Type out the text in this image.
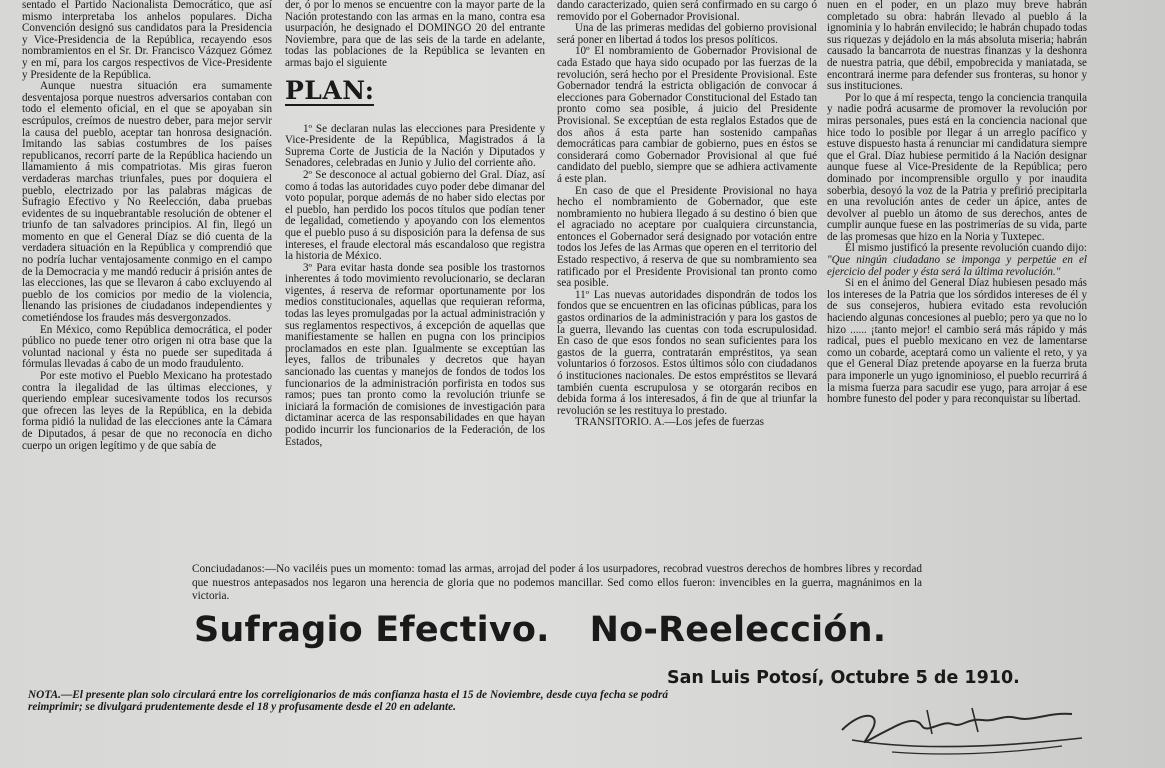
sentado el Partido Nacionalista Democrático, que así mismo interpretaba los anhelos populares. Dicha Convención designó sus candidatos para la Presidencia y Vice-Presidencia de la República, recayendo esos nombramientos en el Sr. Dr. Francisco Vázquez Gómez y en mí, para los cargos respectivos de Vice-Presidente y Presidente de la República.

Aunque nuestra situación era sumamente desventajosa porque nuestros adversarios contaban con todo el elemento oficial, en el que se apoyaban sin escrúpulos, creímos de nuestro deber, para mejor servir la causa del pueblo, aceptar tan honrosa designación. Imitando las sabias costumbres de los países republicanos, recorrí parte de la República haciendo un llamamiento á mis compatriotas. Mis giras fueron verdaderas marchas triunfales, pues por doquiera el pueblo, electrizado por las palabras mágicas de Sufragio Efectivo y No Reelección, daba pruebas evidentes de su inquebrantable resolución de obtener el triunfo de tan salvadores principios. Al fin, llegó un momento en que el General Díaz se dió cuenta de la verdadera situación en la República y comprendió que no podría luchar ventajosamente conmigo en el campo de la Democracia y me mandó reducir á prisión antes de las elecciones, las que se llevaron á cabo excluyendo al pueblo de los comicios por medio de la violencia, llenando las prisiones de ciudadanos independientes y cometiéndose los fraudes más desvergonzados.

En México, como República democrática, el poder público no puede tener otro origen ni otra base que la voluntad nacional y ésta no puede ser supeditada á fórmulas llevadas á cabo de un modo fraudulento.

Por este motivo el Pueblo Mexicano ha protestado contra la ilegalidad de las últimas elecciones, y queriendo emplear sucesivamente todos los recursos que ofrecen las leyes de la República, en la debida forma pidió la nulidad de las elecciones ante la Cámara de Diputados, á pesar de que no reconocía en dicho cuerpo un origen legítimo y de que sabía de

der, ó por lo menos se encuentre con la mayor parte de la Nación protestando con las armas en la mano, contra esa usurpación, he designado el DOMINGO 20 del entrante Noviembre, para que de las seis de la tarde en adelante, todas las poblaciones de la República se levanten en armas bajo el siguiente

PLAN:

1º Se declaran nulas las elecciones para Presidente y Vice-Presidente de la República, Magistrados á la Suprema Corte de Justicia de la Nación y Diputados y Senadores, celebradas en Junio y Julio del corriente año.

2º Se desconoce al actual gobierno del Gral. Díaz, así como á todas las autoridades cuyo poder debe dimanar del voto popular, porque además de no haber sido electas por el pueblo, han perdido los pocos títulos que podían tener de legalidad, cometiendo y apoyando con los elementos que el pueblo puso á su disposición para la defensa de sus intereses, el fraude electoral más escandaloso que registra la historia de México.

3º Para evitar hasta donde sea posible los trastornos inherentes á todo movimiento revolucionario, se declaran vigentes, á reserva de reformar oportunamente por los medios constitucionales, aquellas que requieran reforma, todas las leyes promulgadas por la actual administración y sus reglamentos respectivos, á excepción de aquellas que manifiestamente se hallen en pugna con los principios proclamados en este plan. Igualmente se exceptúan las leyes, fallos de tribunales y decretos que hayan sancionado las cuentas y manejos de fondos de todos los funcionarios de la administración porfirista en todos sus ramos; pues tan pronto como la revolución triunfe se iniciará la formación de comisiones de investigación para dictaminar acerca de las responsabilidades en que hayan podido incurrir los funcionarios de la Federación, de los Estados,

dando caracterizado, quien será confirmado en su cargo ó removido por el Gobernador Provisional.

Una de las primeras medidas del gobierno provisional será poner en libertad á todos los presos políticos.

10º El nombramiento de Gobernador Provisional de cada Estado que haya sido ocupado por las fuerzas de la revolución, será hecho por el Presidente Provisional. Este Gobernador tendrá la estricta obligación de convocar á elecciones para Gobernador Constitucional del Estado tan pronto como sea posible, á juicio del Presidente Provisional. Se exceptúan de esta reglalos Estados que de dos años á esta parte han sostenido campañas democráticas para cambiar de gobierno, pues en éstos se considerará como Gobernador Provisional al que fué candidato del pueblo, siempre que se adhiera activamente á este plan.

En caso de que el Presidente Provisional no haya hecho el nombramiento de Gobernador, que este nombramiento no hubiera llegado á su destino ó bien que el agraciado no aceptare por cualquiera circunstancia, entonces el Gobernador será designado por votación entre todos los Jefes de las Armas que operen en el territorio del Estado respectivo, á reserva de que su nombramiento sea ratificado por el Presidente Provisional tan pronto como sea posible.

11º Las nuevas autoridades dispondrán de todos los fondos que se encuentren en las oficinas públicas, para los gastos ordinarios de la administración y para los gastos de la guerra, llevando las cuentas con toda escrupulosidad. En caso de que esos fondos no sean suficientes para los gastos de la guerra, contratarán empréstitos, ya sean voluntarios ó forzosos. Estos últimos sólo con ciudadanos ó instituciones nacionales. De estos empréstitos se llevará también cuenta escrupulosa y se otorgarán recibos en debida forma á los interesados, á fin de que al triunfar la revolución se les restituya lo prestado.

TRANSITORIO. A.—Los jefes de fuerzas

nuen en el poder, en un plazo muy breve habrán completado su obra: habrán llevado al pueblo á la ignominia y lo habrán envilecido; le habrán chupado todas sus riquezas y dejádolo en la más absoluta miseria; habrán causado la bancarrota de nuestras finanzas y la deshonra de nuestra patria, que débil, empobrecida y maniatada, se encontrará inerme para defender sus fronteras, su honor y sus instituciones.

Por lo que á mí respecta, tengo la conciencia tranquila y nadie podrá acusarme de promover la revolución por miras personales, pues está en la conciencia nacional que hice todo lo posible por llegar á un arreglo pacífico y estuve dispuesto hasta á renunciar mi candidatura siempre que el Gral. Díaz hubiese permitido á la Nación designar aunque fuese al Vice-Presidente de la República; pero dominado por incomprensible orgullo y por inaudita soberbia, desoyó la voz de la Patria y prefirió precipitarla en una revolución antes de ceder un ápice, antes de devolver al pueblo un átomo de sus derechos, antes de cumplir aunque fuese en las postrimerías de su vida, parte de las promesas que hizo en la Noria y Tuxtepec.

Él mismo justificó la presente revolución cuando dijo: "Que ningún ciudadano se imponga y perpetúe en el ejercicio del poder y ésta será la última revolución."

Si en el ánimo del General Díaz hubiesen pesado más los intereses de la Patria que los sórdidos intereses de él y de sus consejeros, hubiera evitado esta revolución haciendo algunas concesiones al pueblo; pero ya que no lo hizo ...... ¡tanto mejor! el cambio será más rápido y más radical, pues el pueblo mexicano en vez de lamentarse como un cobarde, aceptará como un valiente el reto, y ya que el General Díaz pretende apoyarse en la fuerza bruta para imponerle un yugo ignominioso, el pueblo recurrirá á la misma fuerza para sacudir ese yugo, para arrojar á ese hombre funesto del poder y para reconquistar su libertad.

Conciudadanos:—No vaciléis pues un momento: tomad las armas, arrojad del poder á los usurpadores, recobrad vuestros derechos de hombres libres y recordad que nuestros antepasados nos legaron una herencia de gloria que no podemos mancillar. Sed como ellos fueron: invencibles en la guerra, magnánimos en la victoria.
Sufragio Efectivo. No-Reelección.
San Luis Potosí, Octubre 5 de 1910.
NOTA.—El presente plan solo circulará entre los correligionarios de más confianza hasta el 15 de Noviembre, desde cuya fecha se podrá reimprimir; se divulgará prudentemente desde el 18 y profusamente desde el 20 en adelante.
